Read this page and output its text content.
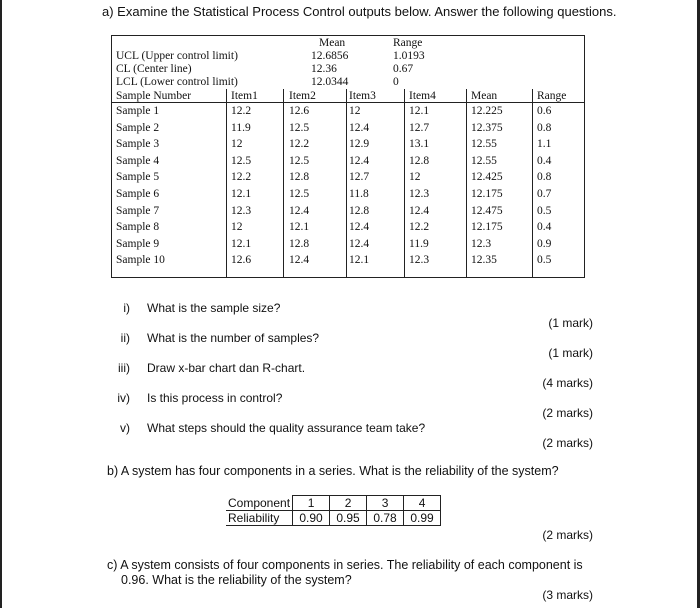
a) Examine the Statistical Process Control outputs below. Answer the following questions.
Mean	Range
UCL (Upper control limit)	12.6856	1.0193
CL (Center line)	12.36	0.67
LCL (Lower control limit)	12.0344	0
Sample Number	Item1	Item2	Item3	Item4	Mean	Range
Sample 1	12.2	12.6	12	12.1	12.225	0.6
Sample 2	11.9	12.5	12.4	12.7	12.375	0.8
Sample 3	12	12.2	12.9	13.1	12.55	1.1
Sample 4	12.5	12.5	12.4	12.8	12.55	0.4
Sample 5	12.2	12.8	12.7	12	12.425	0.8
Sample 6	12.1	12.5	11.8	12.3	12.175	0.7
Sample 7	12.3	12.4	12.8	12.4	12.475	0.5
Sample 8	12	12.1	12.4	12.2	12.175	0.4
Sample 9	12.1	12.8	12.4	11.9	12.3	0.9
Sample 10	12.6	12.4	12.1	12.3	12.35	0.5
i) What is the sample size?
(1 mark)
ii) What is the number of samples?
(1 mark)
iii) Draw x-bar chart dan R-chart.
(4 marks)
iv) Is this process in control?
(2 marks)
v) What steps should the quality assurance team take?
(2 marks)
b) A system has four components in a series. What is the reliability of the system?
Component	1	2	3	4
Reliability	0.90	0.95	0.78	0.99
(2 marks)
c) A system consists of four components in series. The reliability of each component is
0.96. What is the reliability of the system?
(3 marks)
